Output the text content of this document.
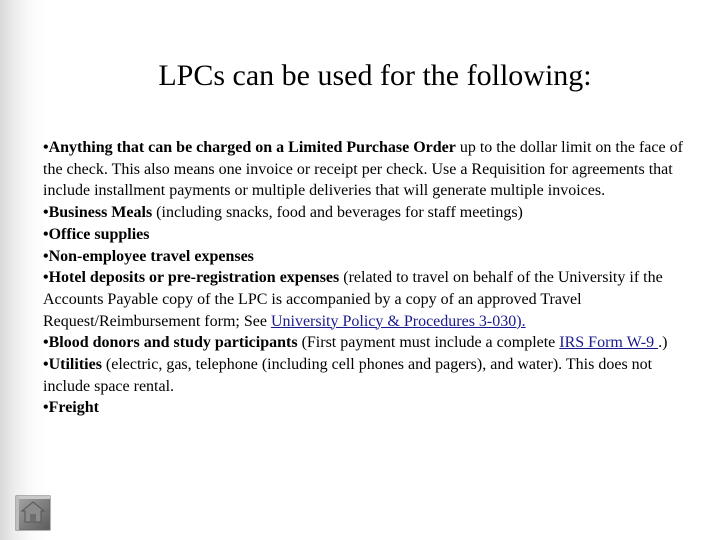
LPCs can be used for the following:

•Anything that can be charged on a Limited Purchase Order up to the dollar limit on the face of the check. This also means one invoice or receipt per check. Use a Requisition for agreements that include installment payments or multiple deliveries that will generate multiple invoices.

•Business Meals (including snacks, food and beverages for staff meetings)

•Office supplies

•Non-employee travel expenses

•Hotel deposits or pre-registration expenses (related to travel on behalf of the University if the Accounts Payable copy of the LPC is accompanied by a copy of an approved Travel Request/Reimbursement form; See University Policy & Procedures 3-030).

•Blood donors and study participants (First payment must include a complete IRS Form W-9 .)

•Utilities (electric, gas, telephone (including cell phones and pagers), and water). This does not include space rental.

•Freight
